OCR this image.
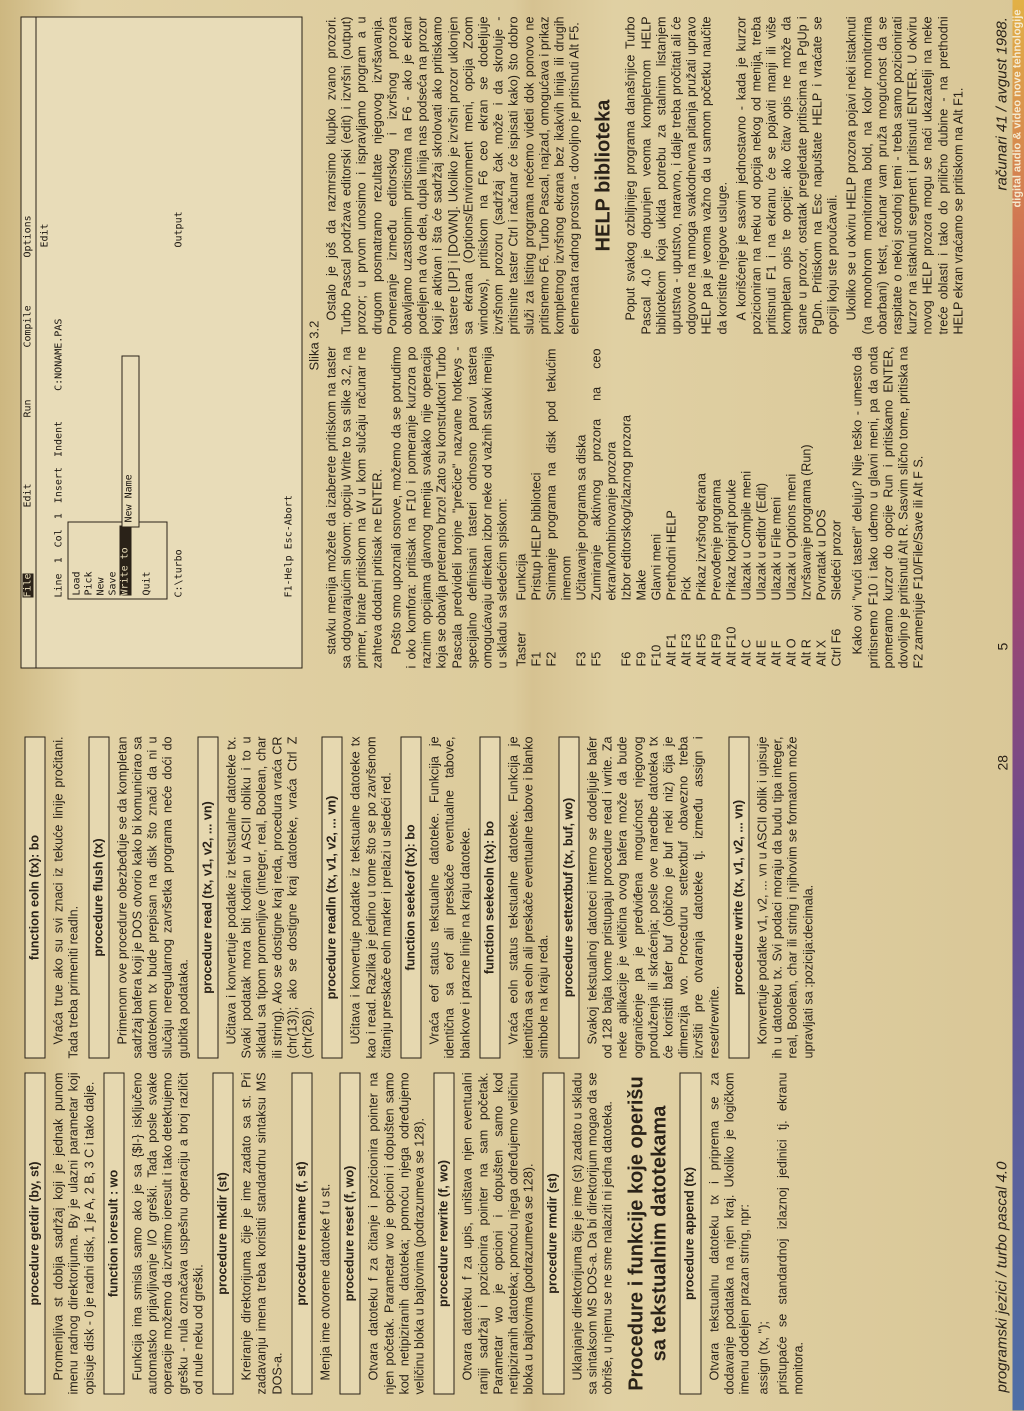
digital audio & video nove tehnologije
procedure getdir (by, st) Promenljiva st dobija sadržaj koji je jednak punom imenu radnog direktorijuma. By je ulazni parametar koji opisuje disk - 0 je radni disk, 1 je A, 2 B, 3 C i tako dalje. function ioresult : wo Funkcija ima smisla samo ako je sa {$I-} isključeno automatsko prijavljivanje I/O greški. Tada posle svake operacije možemo da izvršimo ioresult i tako detektujemo grešku - nula označava uspešnu operaciju a broj različit od nule neku od greški.

procedure mkdir (st) Kreiranje direktorijuma čije je ime zadato sa st. Pri zadavanju imena treba koristiti standardnu sintaksu MS DOS-a.

procedure rename (f, st) Menja ime otvorene datoteke f u st. procedure reset (f, wo) Otvara datoteku f za čitanje i pozicionira pointer na njen početak. Parametar wo je opcioni i dopušten samo kod netipiziranih datoteka; pomoću njega određujemo veličinu bloka u bajtovima (podrazumeva se 128). procedure rewrite (f, wo) Otvara datoteku f za upis, uništava njen eventualni raniji sadržaj i pozicionira pointer na sam početak. Parametar wo je opcioni i dopušten samo kod netipiziranih datoteka; pomoću njega određujemo veličinu bloka u bajtovima (podrazumeva se 128). procedure rmdir (st) Uklanjanje direktorijuma čije je ime (st) zadato u skladu sa sintaksom MS DOS-a. Da bi direktorijum mogao da se obriše, u njemu se ne sme nalaziti ni jedna datoteka. Procedure i funkcije koje operišu sa tekstualnim datotekama procedure append (tx) Otvara tekstualnu datoteku tx i priprema se za dodavanje podataka na njen kraj. Ukoliko je logičkom imenu dodeljen prazan string, npr: assign (tx, ''); pristupaće se standardnoj izlaznoj jedinici tj. ekranu monitora.

function eoln (tx): bo Vraća true ako su svi znaci iz tekuće linije pročitani. Tada treba primeniti readln.

procedure flush (tx) Primenom ove procedure obezbeđuje se da kompletan sadržaj bafera koji je DOS otvorio kako bi komunicirao sa datotekom tx bude prepisan na disk što znači da ni u slučaju neregularnog završetka programa neće doći do gubitka podataka.

procedure read (tx, v1, v2, ... vn) Učitava i konvertuje podatke iz tekstualne datoteke tx. Svaki podatak mora biti kodiran u ASCII obliku i to u skladu sa tipom promenljive (integer, real, Boolean, char ili string). Ako se dostigne kraj reda, procedura vraća CR (chr(13)); ako se dostigne kraj datoteke, vraća Ctrl Z (chr(26)).

procedure readln (tx, v1, v2, ... vn) Učitava i konvertuje podatke iz tekstualne datoteke tx kao i read. Razlika je jedino u tome što se po završenom čitanju preskače eoln marker i prelazi u sledeći red. function seekeof (tx): bo Vraća eof status tekstualne datoteke. Funkcija je identična sa eof ali preskače eventualne tabove, blankove i prazne linije na kraju datoteke. function seekeoln (tx): bo Vraća eoln status tekstualne datoteke. Funkcija je identična sa eoln ali preskače eventualne tabove i blanko simbole na kraju reda. procedure settextbuf (tx, buf, wo) Svakoj tekstualnoj datoteci interno se dodeljuje bafer od 128 bajta kome pristupaju procedure read i write. Za neke aplikacije je veličina ovog bafera može da bude ograničenje pa je predviđena mogućnost njegovog produženja ili skraćenja; posle ove naredbe datoteka tx će koristiti bafer buf (obično je buf neki niz) čija je dimenzija wo. Proceduru settextbuf obavezno treba izvršiti pre otvaranja datoteke tj. između assign i reset/rewrite.

procedure write (tx, v1, v2, ... vn) Konvertuje podatke v1, v2, ... vn u ASCII oblik i upisuje ih u datoteku tx. Svi podaci moraju da budu tipa integer, real, Boolean, char ili string i njihovim se formatom može upravljati sa :pozicija:decimala.

programski jezici / turbo pascal 4.0
28
File
Edit
Run
Compile
Options Edit
Line 1 Col 1 Insert Indent C:NONAME.PAS
Load Pick New Save Write to Quit
New Name
C:\turbo
Output
F1-Help Esc-Abort
Slika 3.2

stavku menija možete da izaberete pritiskom na taster sa odgovarajućim slovom; opciju Write to sa slike 3.2, na primer, birate pritiskom na W u kom slučaju računar ne zahteva dodatni pritisak ne ENTER. Pošto smo upoznali osnove, možemo da se potrudimo i oko komfora: pritisak na F10 i pomeranje kurzora po raznim opcijama glavnog menija svakako nije operacija koja se obavlja preterano brzo! Zato su konstruktori Turbo Pascala predvideli brojne "prečice" nazvane hotkeys - specijalno definisani tasteri odnosno parovi tastera omogućavaju direktan izbor neke od važnih stavki menija u skladu sa sledećim spiskom: Taster	Funkcija
F1	Pristup HELP biblioteci
F2	Snimanje programa na disk pod tekućim imenom
F3	Učitavanje programa sa diska
F5	Zumiranje aktivnog prozora na ceo ekran/kombinovanje prozora
F6	Izbor editorskog/izlaznog prozora
F9	Make
F10	Glavni meni
Alt F1	Prethodni HELP
Alt F3	Pick
Alt F5	Prikaz izvršnog ekrana
Alt F9	Prevođenje programa
Alt F10	Prikaz kopirajt poruke
Alt C	Ulazak u Compile meni
Alt E	Ulazak u editor (Edit)
Alt F	Ulazak u File meni
Alt O	Ulazak u Options meni
Alt R	Izvršavanje programa (Run)
Alt X	Povratak u DOS
Ctrl F6	Sledeći prozor Kako ovi "vrući tasteri" deluju? Nije teško - umesto da pritisnemo F10 i tako uđemo u glavni meni, pa da onda pomeramo kurzor do opcije Run i pritiskamo ENTER, dovoljno je pritisnuti Alt R. Sasvim slično tome, pritiska na F2 zamenjuje F10/File/Save ili Alt F S.

Ostalo je još da razmrsimo klupko zvano prozori. Turbo Pascal podržava editorski (edit) i izvršni (output) prozor; u prvom unosimo i ispravljamo program a u drugom posmatramo rezultate njegovog izvršavanja. Pomeranje između editorskog i izvršnog prozora obavljamo uzastopnim pritiscima na F6 - ako je ekran podeljen na dva dela, dupla linija nas podseća na prozor koji je aktivan i šta će sadržaj skrolovati ako pritiskamo tastere [UP] i [DOWN]. Ukoliko je izvršni prozor uklonjen sa ekrana (Options/Environment meni, opcija Zoom windows), pritiskom na F6 ceo ekran se dodeljuje izvršnom prozoru (sadržaj čak može i da skroluje - pritisnite taster Ctrl i računar će ispisati kako) što dobro služi za listing programa nećemo videti dok ponovo ne pritisnemo F6. Turbo Pascal, najzad, omogućava i prikaz kompletnog izvršnog ekrana bez ikakvih linija ili drugih elemenata radnog prostora - dovoljno je pritisnuti Alt F5. HELP biblioteka Poput svakog ozbiljnijeg programa današnjice Turbo Pascal 4.0 je dopunjen veoma kompletnom HELP bibliotekom koja ukida potrebu za stalnim listanjem uputstva - uputstvo, naravno, i dalje treba pročitati ali će odgovore na mnoga svakodnevna pitanja pružati upravo HELP pa je veoma važno da u samom početku naučite da koristite njegove usluge. A korišćenje je sasvim jednostavno - kada je kurzor pozicioniran na neku od opcija nekog od menija, treba pritisnuti F1 i na ekranu će se pojaviti manji ili više kompletan opis te opcije; ako čitav opis ne može da stane u prozor, ostatak pregledate pritiscima na PgUp i PgDn. Pritiskom na Esc napuštate HELP i vraćate se opciji koju ste proučavali. Ukoliko se u okviru HELP prozora pojavi neki istaknuti (na monohrom monitorima bold, na kolor monitorima obarbani) tekst, računar vam pruža mogućnost da se raspitate o nekoj srodnoj temi - treba samo pozicionirati kurzor na istaknuti segment i pritisnuti ENTER. U okviru novog HELP prozora mogu se naći ukazatelji na neke treće oblasti i tako do prilično dubine - na prethodni HELP ekran vraćamo se pritiskom na Alt F1.

5
računari 41 / avgust 1988.
